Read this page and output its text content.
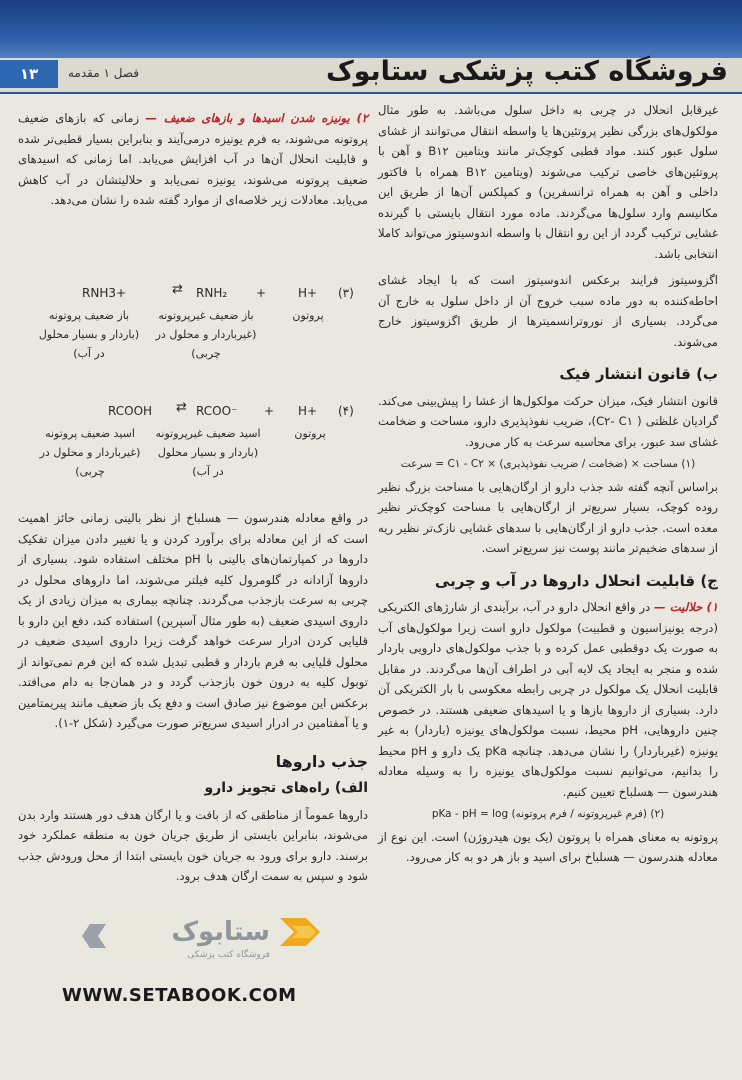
۱۳	فصل ۱ مقدمه	فروشگاه کتب پزشکی ستابوک

غیرقابل انحلال در چربی به داخل سلول می‌باشد. به طور مثال مولکول‌های بزرگی نظیر پروتئین‌ها یا واسطه انتقال می‌توانند از غشای سلول عبور کنند. مواد قطبی کوچک‌تر مانند ویتامین B۱۲ و آهن با پروتئین‌های خاصی ترکیب می‌شوند (ویتامین B۱۲ همراه با فاکتور داخلی و آهن به همراه ترانسفرین) و کمپلکس آن‌ها از طریق این مکانیسم وارد سلول‌ها می‌گردند. ماده مورد انتقال بایستی با گیرنده غشایی ترکیب گردد از این رو انتقال با واسطه اندوسیتوز می‌تواند کاملا انتخابی باشد.

اگزوسیتوز فرایند برعکس اندوسیتوز است که با ایجاد غشای احاطه‌کننده به دور ماده سبب خروج آن از داخل سلول به خارج آن می‌گردد. بسیاری از نوروترانسمیترها از طریق اگزوسیتوز خارج می‌شوند.

ب) قانون انتشار فیک

قانون انتشار فیک، میزان حرکت مولکول‌ها از غشا را پیش‌بینی می‌کند. گرادیان غلظتی ( C۲- C۱)، ضریب نفوذپذیری دارو، مساحت و ضخامت غشای سد عبور، برای محاسبه سرعت به کار می‌رود.

(۱) مساحت × (ضخامت / ضریب نفوذپذیری) × C۱ - C۲ = سرعت

براساس آنچه گفته شد جذب دارو از ارگان‌هایی با مساحت بزرگ نظیر روده کوچک، بسیار سریع‌تر از ارگان‌هایی با مساحت کوچک‌تر نظیر معده است. جذب دارو از ارگان‌هایی با سدهای غشایی نازک‌تر نظیر ریه از سدهای ضخیم‌تر مانند پوست نیز سریع‌تر است.

ج) قابلیت انحلال داروها در آب و چربی

۱) حلالیت — در واقع انحلال دارو در آب، برآیندی از شارژهای الکتریکی (درجه یونیزاسیون و قطبیت) مولکول دارو است زیرا مولکول‌های آب به صورت یک دوقطبی عمل کرده و با جذب مولکول‌های دارویی باردار شده و منجر به ایجاد یک لایه آبی در اطراف آن‌ها می‌گردند. در مقابل قابلیت انحلال یک مولکول در چربی رابطه معکوسی با بار الکتریکی آن دارد. بسیاری از داروها بازها و یا اسیدهای ضعیفی هستند. در خصوص چنین داروهایی، pH محیط، نسبت مولکول‌های یونیزه (باردار) به غیر یونیزه (غیرباردار) را نشان می‌دهد. چنانچه pKa یک دارو و pH محیط را بدانیم، می‌توانیم نسبت مولکول‌های یونیزه را به وسیله معادله هندرسون — هسلباخ تعیین کنیم.

(۲) (فرم غیرپروتونه / فرم پروتونه) pKa - pH = log

پروتونه به معنای همراه با پروتون (یک یون هیدروژن) است. این نوع از معادله هندرسون — هسلباخ برای اسید و باز هر دو به کار می‌رود.

۲) یونیزه شدن اسیدها و بازهای ضعیف — زمانی که بازهای ضعیف پروتونه می‌شوند، به فرم یونیزه درمی‌آیند و بنابراین بسیار قطبی‌تر شده و قابلیت انحلال آن‌ها در آب افزایش می‌یابد. اما زمانی که اسیدهای ضعیف پروتونه می‌شوند، یونیزه نمی‌یابد و حلالیتشان در آب کاهش می‌یابد. معادلات زیر خلاصه‌ای از موارد گفته شده را نشان می‌دهد.

(۳)
H+
+
RNH₂
⇄
RNH3+
پروتون
باز ضعیف غیرپروتونه (غیرباردار و محلول در چربی)
باز ضعیف پروتونه (باردار و بسیار محلول در آب)
(۴)
H+
+
RCOO⁻
⇄
RCOOH
پروتون
اسید ضعیف غیرپروتونه (باردار و بسیار محلول در آب)
اسید ضعیف پروتونه (غیرباردار و محلول در چربی)

در واقع معادله هندرسون — هسلباخ از نظر بالینی زمانی حائز اهمیت است که از این معادله برای برآورد کردن و یا تغییر دادن میزان تفکیک داروها در کمپارتمان‌های بالینی با pH مختلف استفاده شود. بسیاری از داروها آزادانه در گلومرول کلیه فیلتر می‌شوند، اما داروهای محلول در چربی به سرعت بازجذب می‌گردند. چنانچه بیماری به میزان زیادی از یک داروی اسیدی ضعیف (به طور مثال آسپرین) استفاده کند، دفع این دارو با قلیایی کردن ادرار سرعت خواهد گرفت زیرا داروی اسیدی ضعیف در محلول قلیایی به فرم باردار و قطبی تبدیل شده که این فرم نمی‌تواند از توبول کلیه به درون خون بازجذب گردد و در همان‌جا به دام می‌افتد. برعکس این موضوع نیز صادق است و دفع یک باز ضعیف مانند پیریمتامین و یا آمفتامین در ادرار اسیدی سریع‌تر صورت می‌گیرد (شکل ۲-۱).

جذب داروها
الف) راه‌های تجویز دارو

داروها عموماً از مناطقی که از بافت و یا ارگان هدف دور هستند وارد بدن می‌شوند، بنابراین بایستی از طریق جریان خون به منطقه عملکرد خود برسند. دارو برای ورود به جریان خون بایستی ابتدا از محل ورودش جذب شود و سپس به سمت ارگان هدف برود.

ستابوک
فروشگاه کتب پزشکی
WWW.SETABOOK.COM
